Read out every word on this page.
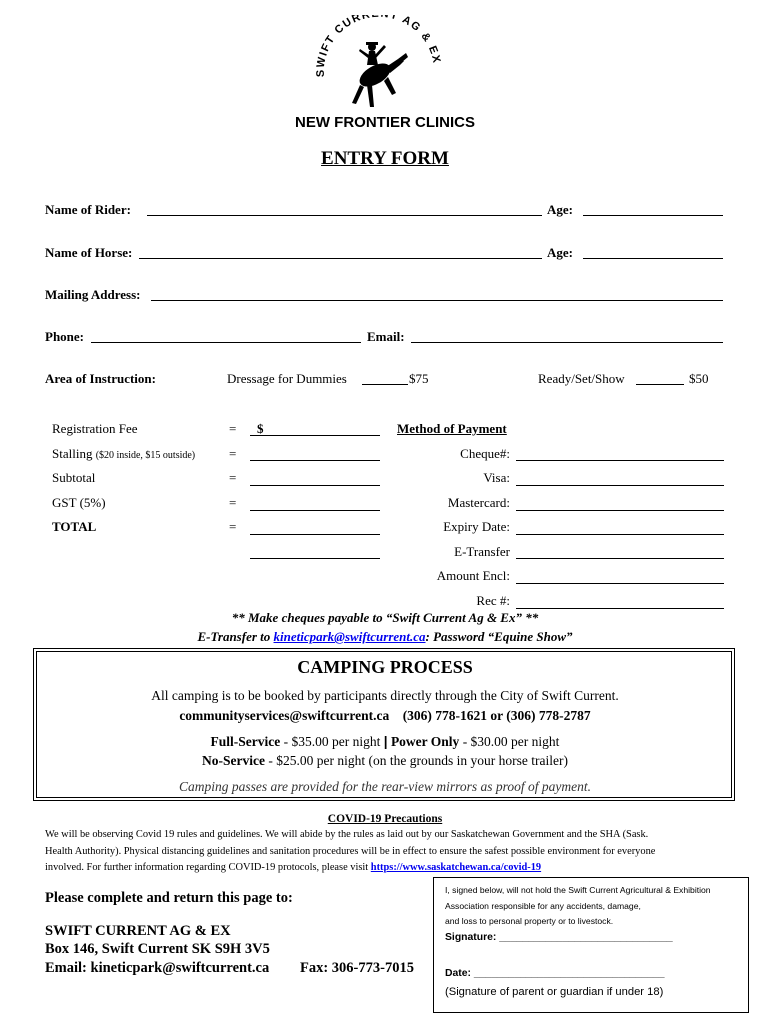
SWIFT CURR T AG & EX
NEW FRONTIER CLINICS
ENTRY FORM
Name of Rider:	Age:
Name of Horse:	Age:
Mailing Address:
Phone:	Email:
Area of Instruction:	Dressage for Dummies	$75	Ready/Set/Show	$50
Registration Fee	= $
Stalling ($20 inside, $15 outside)	=
Subtotal	=
GST (5%)	=
TOTAL	=
Method of Payment
Cheque#:
Visa:
Mastercard:
Expiry Date:
E-Transfer
Amount Encl:
Rec #:
** Make cheques payable to “Swift Current Ag & Ex” **
E-Transfer to kineticpark@swiftcurrent.ca: Password “Equine Show”
CAMPING PROCESS
All camping is to be booked by participants directly through the City of Swift Current.
communityservices@swiftcurrent.ca    (306) 778-1621 or (306) 778-2787
Full-Service - $35.00 per night | Power Only - $30.00 per night
No-Service - $25.00 per night (on the grounds in your horse trailer)
Camping passes are provided for the rear-view mirrors as proof of payment.
COVID-19 Precautions
We will be observing Covid 19 rules and guidelines. We will abide by the rules as laid out by our Saskatchewan Government and the SHA (Sask.
Health Authority). Physical distancing guidelines and sanitation procedures will be in effect to ensure the safest possible environment for everyone
involved. For further information regarding COVID-19 protocols, please visit https://www.saskatchewan.ca/covid-19
Please complete and return this page to:
SWIFT CURRENT AG & EX
Box 146, Swift Current SK S9H 3V5
Email: kineticpark@swiftcurrent.ca Fax: 306-773-7015
I, signed below, will not hold the Swift Current Agricultural & Exhibition
Association responsible for any accidents, damage,
and loss to personal property or to livestock.
Signature: ______________________________
Date: _________________________________
(Signature of parent or guardian if under 18)
